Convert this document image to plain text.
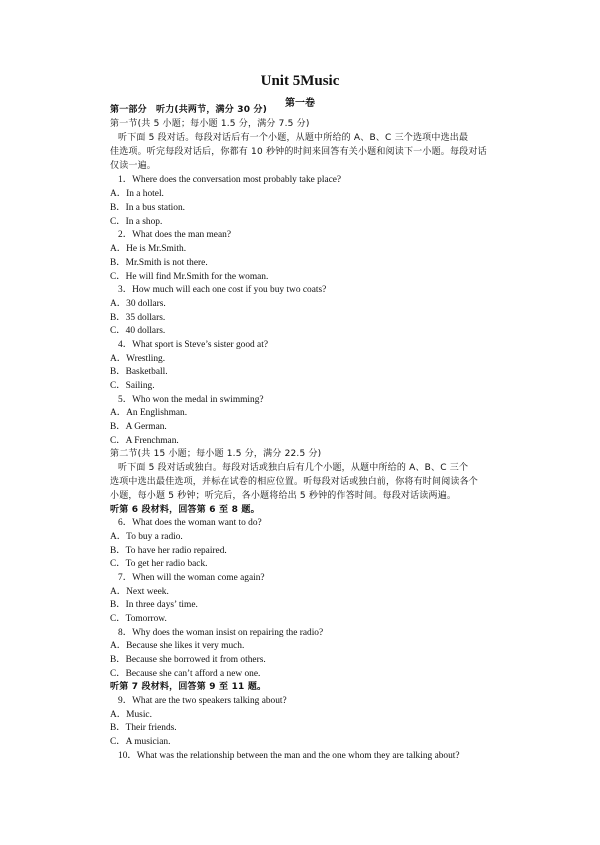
Unit 5Music
第一卷
第一部分　听力(共两节，满分 30 分)
第一节(共 5 小题；每小题 1.5 分，满分 7.5 分)
听下面 5 段对话。每段对话后有一个小题，从题中所给的 A、B、C 三个选项中选出最
佳选项。听完每段对话后，你都有 10 秒钟的时间来回答有关小题和阅读下一小题。每段对话
仅读一遍。
1．Where does the conversation most probably take place?
A．In a hotel.
B．In a bus station.
C．In a shop.
2．What does the man mean?
A．He is Mr.Smith.
B．Mr.Smith is not there.
C．He will find Mr.Smith for the woman.
3．How much will each one cost if you buy two coats?
A．30 dollars.
B．35 dollars.
C．40 dollars.
4．What sport is Steve’s sister good at?
A．Wrestling.
B．Basketball.
C．Sailing.
5．Who won the medal in swimming?
A．An Englishman.
B．A German.
C．A Frenchman.
第二节(共 15 小题；每小题 1.5 分，满分 22.5 分)
听下面 5 段对话或独白。每段对话或独白后有几个小题，从题中所给的 A、B、C 三个
选项中选出最佳选项，并标在试卷的相应位置。听每段对话或独白前，你将有时间阅读各个
小题，每小题 5 秒钟；听完后，各小题将给出 5 秒钟的作答时间。每段对话读两遍。
听第 6 段材料，回答第 6 至 8 题。
6．What does the woman want to do?
A．To buy a radio.
B．To have her radio repaired.
C．To get her radio back.
7．When will the woman come again?
A．Next week.
B．In three days’ time.
C．Tomorrow.
8．Why does the woman insist on repairing the radio?
A．Because she likes it very much.
B．Because she borrowed it from others.
C．Because she can’t afford a new one.
听第 7 段材料，回答第 9 至 11 题。
9．What are the two speakers talking about?
A．Music.
B．Their friends.
C．A musician.
10．What was the relationship between the man and the one whom they are talking about?
